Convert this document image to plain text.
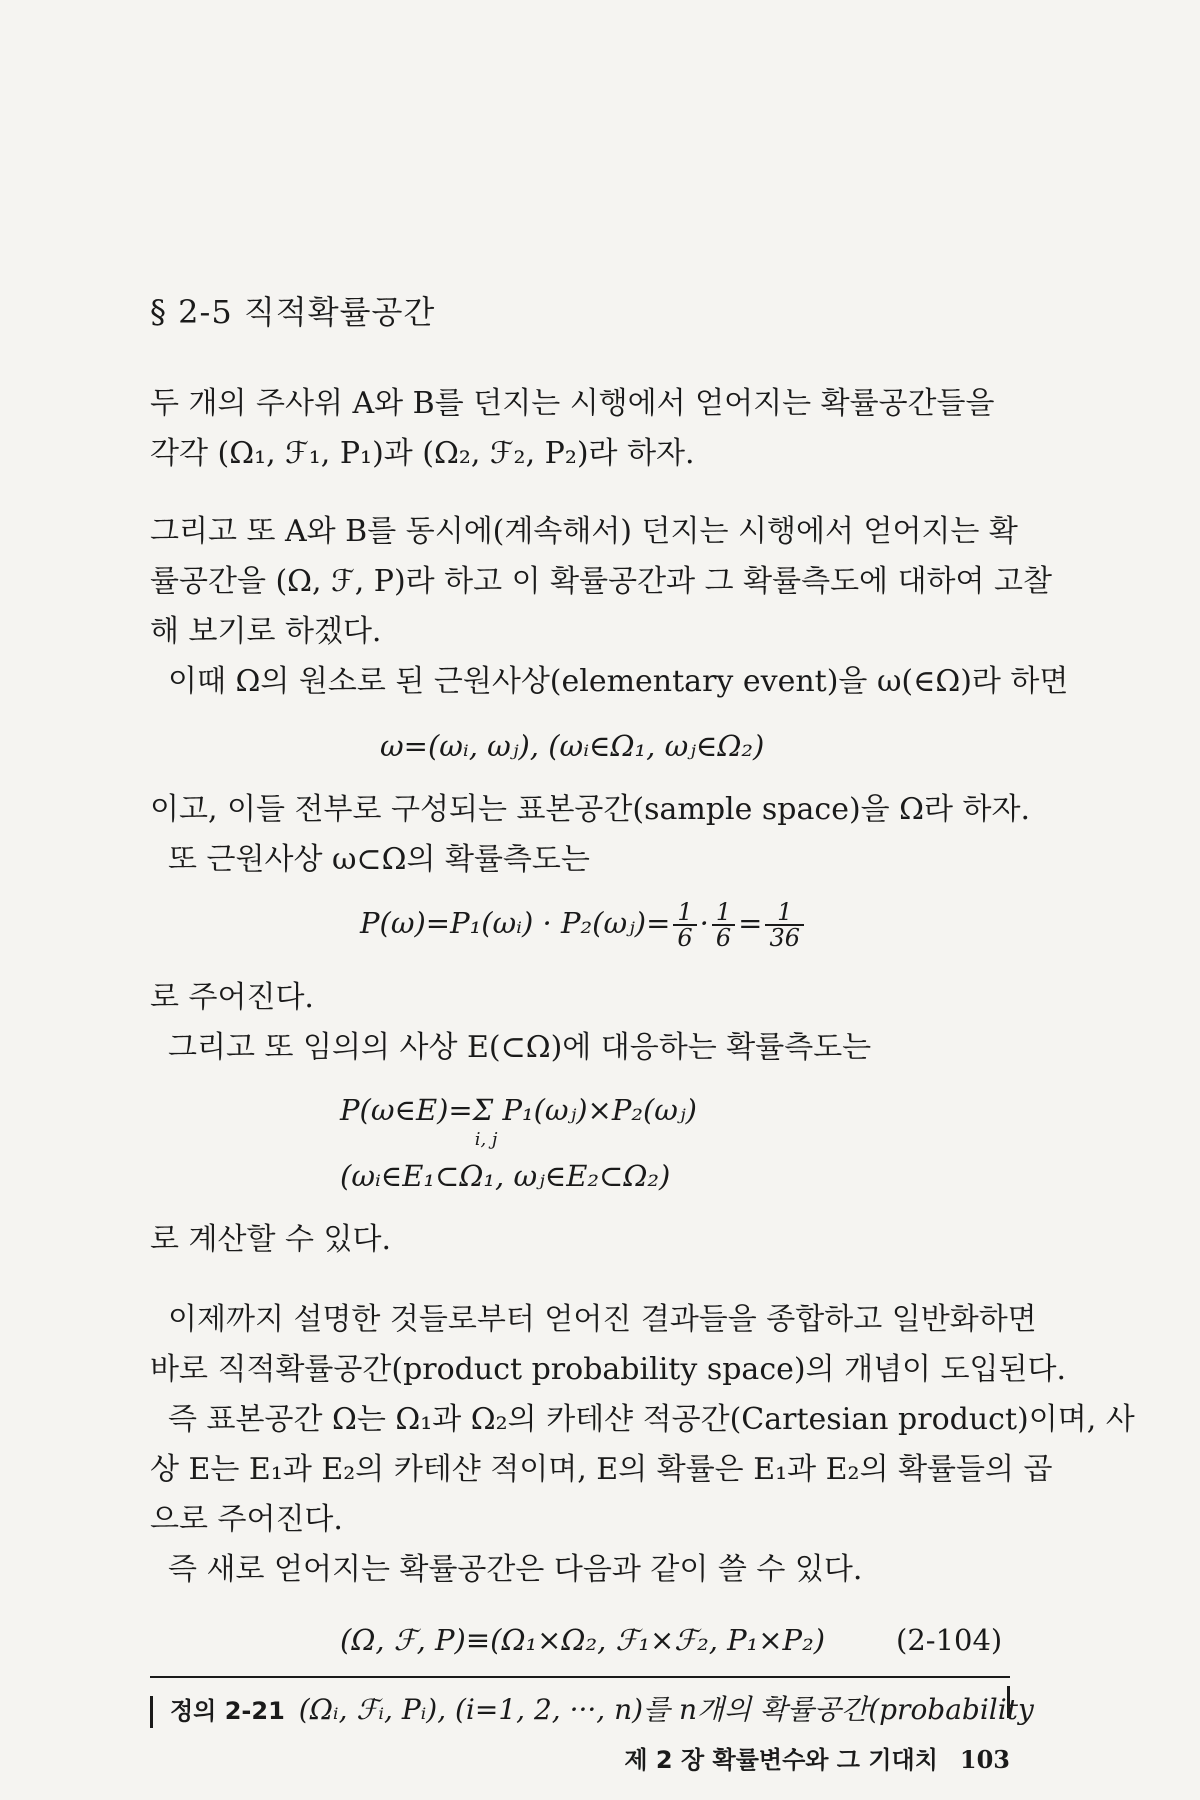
§ 2-5 직적확률공간
두 개의 주사위 A와 B를 던지는 시행에서 얻어지는 확률공간들을
각각 (Ω₁, ℱ₁, P₁)과 (Ω₂, ℱ₂, P₂)라 하자.
그리고 또 A와 B를 동시에(계속해서) 던지는 시행에서 얻어지는 확
률공간을 (Ω, ℱ, P)라 하고 이 확률공간과 그 확률측도에 대하여 고찰
해 보기로 하겠다.
이때 Ω의 원소로 된 근원사상(elementary event)을 ω(∈Ω)라 하면
ω=(ωᵢ, ωⱼ), (ωᵢ∈Ω₁, ωⱼ∈Ω₂)
이고, 이들 전부로 구성되는 표본공간(sample space)을 Ω라 하자.
또 근원사상 ω⊂Ω의 확률측도는
P(ω)=P₁(ωᵢ) · P₂(ωⱼ)= $\frac{1}{6} \cdot \frac{1}{6} = \frac{1}{36}$
로 주어진다.
그리고 또 임의의 사상 E(⊂Ω)에 대응하는 확률측도는
P(ω∈E)=Σ
i, j
P₁(ωⱼ)×P₂(ωⱼ)
(ωᵢ∈E₁⊂Ω₁, ωⱼ∈E₂⊂Ω₂)
로 계산할 수 있다.
이제까지 설명한 것들로부터 얻어진 결과들을 종합하고 일반화하면
바로 직적확률공간(product probability space)의 개념이 도입된다.
즉 표본공간 Ω는 Ω₁과 Ω₂의 카테샨 적공간(Cartesian product)이며, 사
상 E는 E₁과 E₂의 카테샨 적이며, E의 확률은 E₁과 E₂의 확률들의 곱
으로 주어진다.
즉 새로 얻어지는 확률공간은 다음과 같이 쓸 수 있다.
(Ω, ℱ, P)≡(Ω₁×Ω₂, ℱ₁×ℱ₂, P₁×P₂) (2-104)
정의 2-21 (Ωᵢ, ℱᵢ, Pᵢ), (i=1, 2, ···, n)를 n개의 확률공간(probability
제 2 장 확률변수와 그 기대치 103
